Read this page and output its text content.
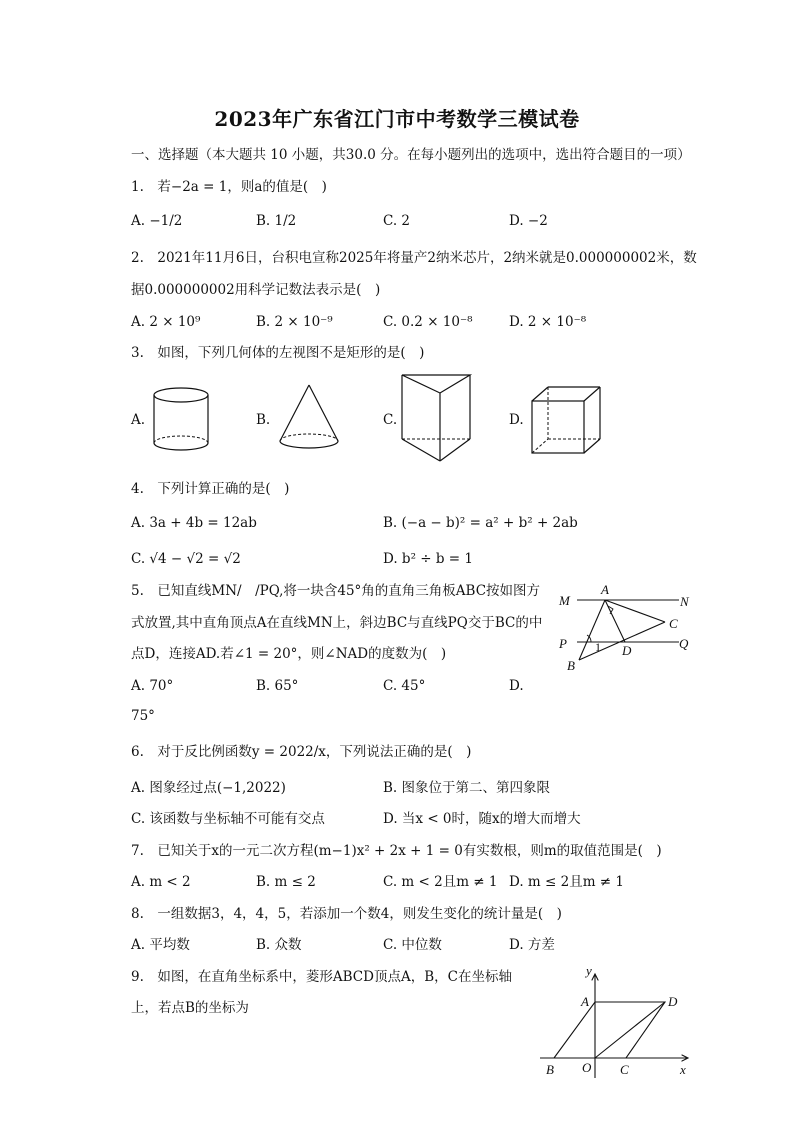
2023年广东省江门市中考数学三模试卷
一、选择题（本大题共 10 小题，共30.0 分。在每小题列出的选项中，选出符合题目的一项）
1.　若−2a = 1，则a的值是(　)
A. −1/2	B. 1/2	C. 2	D. −2
2.　2021年11月6日，台积电宣称2025年将量产2纳米芯片，2纳米就是0.000000002米，数
据0.000000002用科学记数法表示是(　)
A. 2 × 10⁹	B. 2 × 10⁻⁹	C. 0.2 × 10⁻⁸	D. 2 × 10⁻⁸
3.　如图，下列几何体的左视图不是矩形的是(　)
A.	B.	C.	D.
4.　下列计算正确的是(　)
A. 3a + 4b = 12ab	B. (−a − b)² = a² + b² + 2ab
C. √4 − √2 = √2	D. b² ÷ b = 1
5.　已知直线MN/　/PQ,将一块含45°角的直角三角板ABC按如图方
式放置,其中直角顶点A在直线MN上，斜边BC与直线PQ交于BC的中
点D，连接AD.若∠1 = 20°，则∠NAD的度数为(　)
A. 70°	B. 65°	C. 45°	D.
75°
M
A
N
C
P	D	Q
B
1
6.　对于反比例函数y = 2022/x，下列说法正确的是(　)
A. 图象经过点(−1,2022)	B. 图象位于第二、第四象限
C. 该函数与坐标轴不可能有交点	D. 当x < 0时，随x的增大而增大
7.　已知关于x的一元二次方程(m−1)x² + 2x + 1 = 0有实数根，则m的取值范围是(　)
A. m < 2	B. m ≤ 2	C. m < 2且m ≠ 1 D. m ≤ 2且m ≠ 1
8.　一组数据3，4，4，5，若添加一个数4，则发生变化的统计量是(　)
A. 平均数	B. 众数	C. 中位数	D. 方差
9.　如图，在直角坐标系中，菱形ABCD顶点A，B，C在坐标轴
上，若点B的坐标为
y
A	D
B O C	x
